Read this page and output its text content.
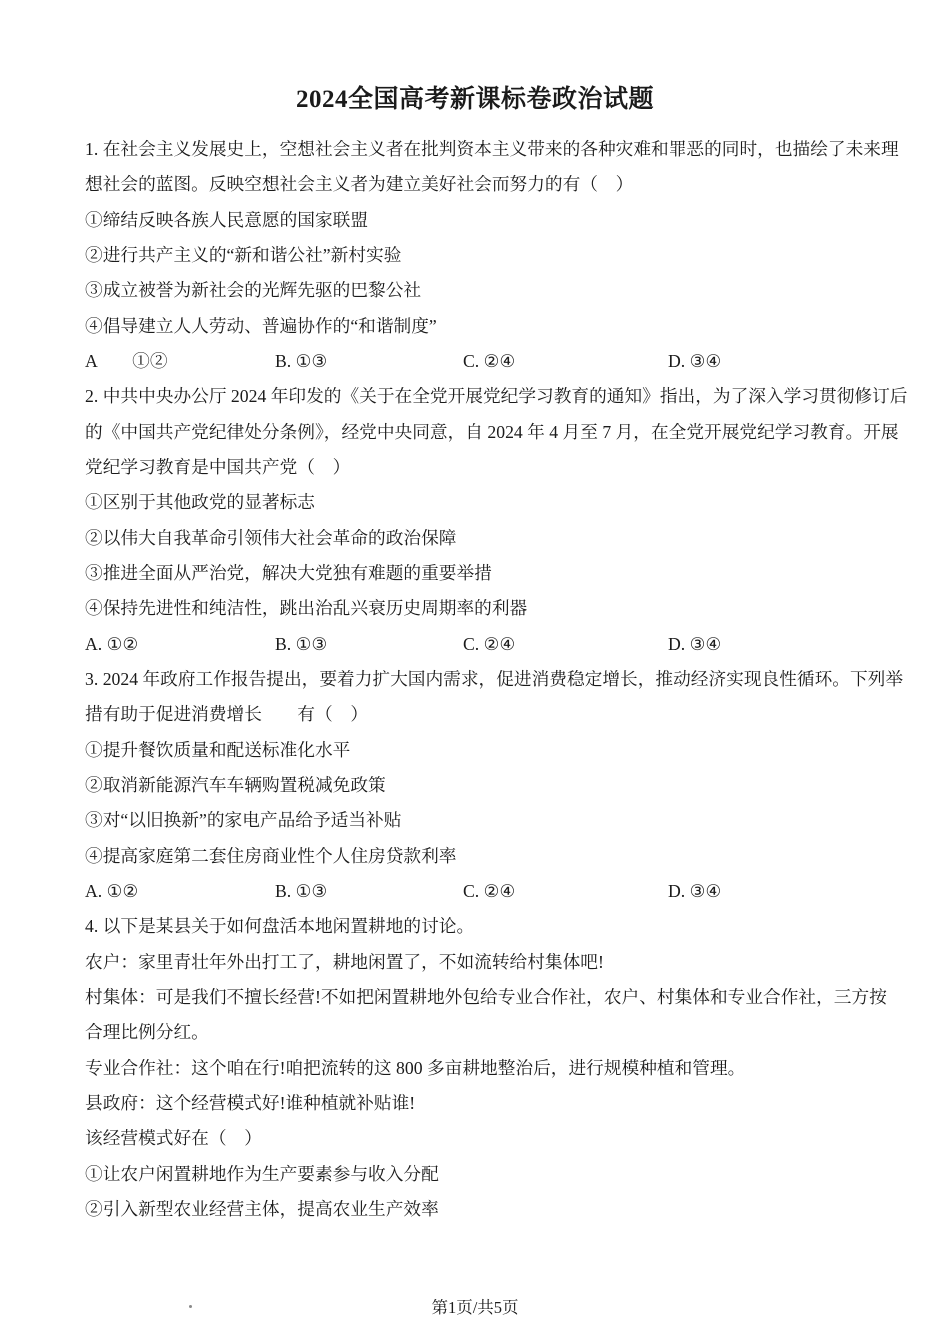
2024全国高考新课标卷政治试题
1. 在社会主义发展史上，空想社会主义者在批判资本主义带来的各种灾难和罪恶的同时，也描绘了未来理
想社会的蓝图。反映空想社会主义者为建立美好社会而努力的有（　）
①缔结反映各族人民意愿的国家联盟
②进行共产主义的“新和谐公社”新村实验
③成立被誉为新社会的光辉先驱的巴黎公社
④倡导建立人人劳动、普遍协作的“和谐制度”

A　　①②

	B. ①③

	C. ②④

	D. ③④

2. 中共中央办公厅 2024 年印发的《关于在全党开展党纪学习教育的通知》指出，为了深入学习贯彻修订后
的《中国共产党纪律处分条例》，经党中央同意，自 2024 年 4 月至 7 月，在全党开展党纪学习教育。开展
党纪学习教育是中国共产党（　）
①区别于其他政党的显著标志
②以伟大自我革命引领伟大社会革命的政治保障
③推进全面从严治党，解决大党独有难题的重要举措
④保持先进性和纯洁性，跳出治乱兴衰历史周期率的利器

A. ①②

	B. ①③

	C. ②④

	D. ③④

3. 2024 年政府工作报告提出，要着力扩大国内需求，促进消费稳定增长，推动经济实现良性循环。下列举
措有助于促进消费增长　　有（　）
①提升餐饮质量和配送标准化水平
②取消新能源汽车车辆购置税减免政策
③对“以旧换新”的家电产品给予适当补贴
④提高家庭第二套住房商业性个人住房贷款利率

A. ①②

	B. ①③

	C. ②④

	D. ③④

4. 以下是某县关于如何盘活本地闲置耕地的讨论。
农户：家里青壮年外出打工了，耕地闲置了，不如流转给村集体吧!
村集体：可是我们不擅长经营!不如把闲置耕地外包给专业合作社，农户、村集体和专业合作社，三方按
合理比例分红。
专业合作社：这个咱在行!咱把流转的这 800 多亩耕地整治后，进行规模种植和管理。
县政府：这个经营模式好!谁种植就补贴谁!
该经营模式好在（　）
①让农户闲置耕地作为生产要素参与收入分配
②引入新型农业经营主体，提高农业生产效率
第1页/共5页
